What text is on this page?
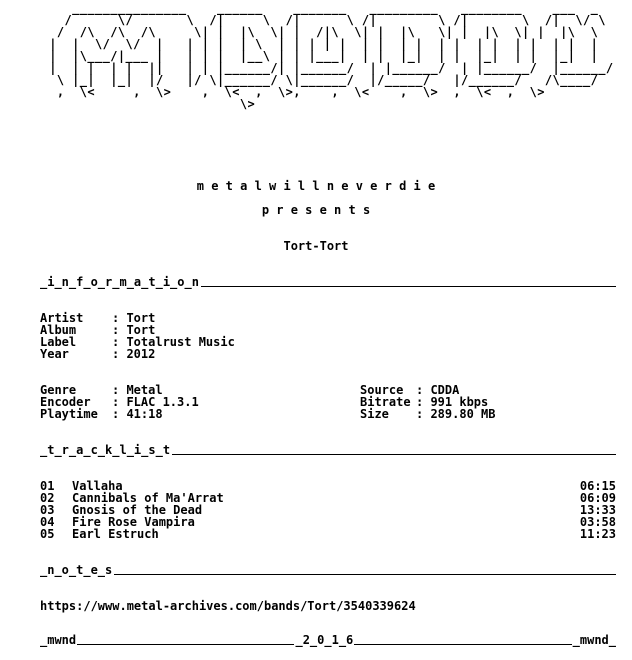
_______________    ______    _______   _________   ________    ___  _
/      \/       \  /|     \  /|      \ /|        \ /|       \  /|  \/ \
/  /\  /\  /\     \| |  |\  \| |  /|\  \| |  |\   \| |  |\  \| |  |\  \
|  |  \/  \/  |   | | |  | \  | | | | |  | |  | |  | |  | |  | |  | |  |
|  |\___/|___ |   | | |  |__\ | | |___|  | |  |_|  | |  |_|  | |  |_|  |
|  | |  | |  ||   | | |______/| |______/  | |______/  | |______/  |______/
\ |_|  |_|  |/   |/ \|______/ \|______/  |/_____/   |/______/   /\____/
,  \<     ,  \>    ,  \<  ,  \>,    ,  \<    ,  \>  ,  \<  ,  \>
\>
m e t a l w i l l n e v e r d i e
p r e s e n t s
Tort-Tort
_i_n_f_o_r_m_a_t_i_o_n
Artist : Tort
Album	: Tort
Label	: Totalrust Music
Year	: 2012
Genre	: Metal
Encoder : FLAC 1.3.1
Playtime : 41:18
Source : CDDA
Bitrate : 991 kbps
Size : 289.80 MB
_t_r_a_c_k_l_i_s_t
01 Vallaha	06:15
02 Cannibals of Ma'Arrat	06:09
03 Gnosis of the Dead	13:33
04 Fire Rose Vampira	03:58
05 Earl Estruch	11:23
_n_o_t_e_s
https://www.metal-archives.com/bands/Tort/3540339624
_mwnd	_2_0_1_6	_mwnd_
